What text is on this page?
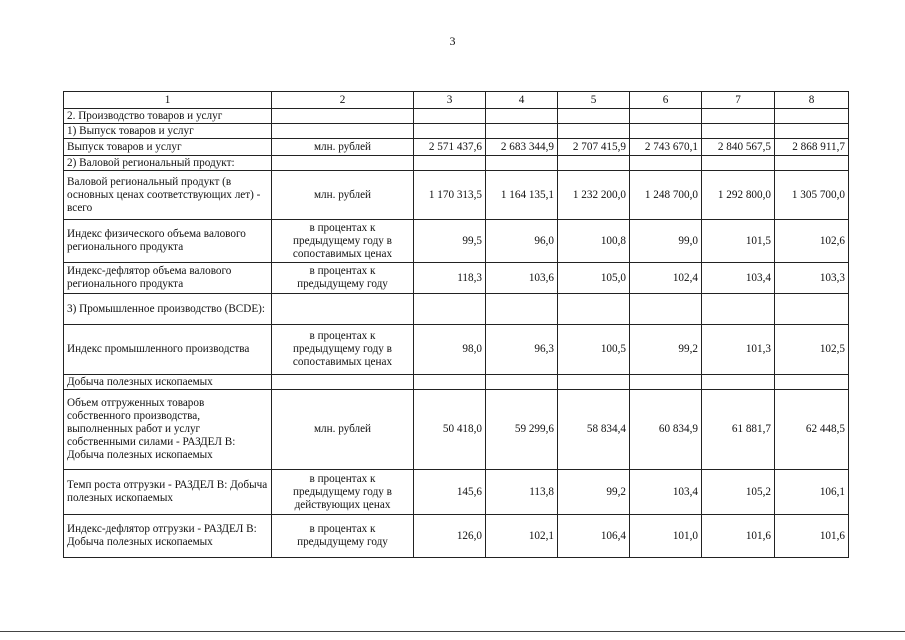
3
1	2	3	4	5	6	7	8
2. Производство товаров и услуг							
1) Выпуск товаров и услуг							
Выпуск товаров и услуг	млн. рублей	2 571 437,6	2 683 344,9	2 707 415,9	2 743 670,1	2 840 567,5	2 868 911,7
2) Валовой региональный продукт:							
Валовой региональный продукт (в основных ценах соответствующих лет) - всего	млн. рублей	1 170 313,5	1 164 135,1	1 232 200,0	1 248 700,0	1 292 800,0	1 305 700,0
Индекс физического объема валового регионального продукта	в процентах к предыдущему году в сопоставимых ценах	99,5	96,0	100,8	99,0	101,5	102,6
Индекс-дефлятор объема валового регионального продукта	в процентах к предыдущему году	118,3	103,6	105,0	102,4	103,4	103,3
3) Промышленное производство (BCDE):							
Индекс промышленного производства	в процентах к предыдущему году в сопоставимых ценах	98,0	96,3	100,5	99,2	101,3	102,5
Добыча полезных ископаемых							
Объем отгруженных товаров собственного производства, выполненных работ и услуг собственными силами - РАЗДЕЛ B: Добыча полезных ископаемых	млн. рублей	50 418,0	59 299,6	58 834,4	60 834,9	61 881,7	62 448,5
Темп роста отгрузки - РАЗДЕЛ B: Добыча полезных ископаемых	в процентах к предыдущему году в действующих ценах	145,6	113,8	99,2	103,4	105,2	106,1
Индекс-дефлятор отгрузки - РАЗДЕЛ B: Добыча полезных ископаемых	в процентах к предыдущему году	126,0	102,1	106,4	101,0	101,6	101,6
